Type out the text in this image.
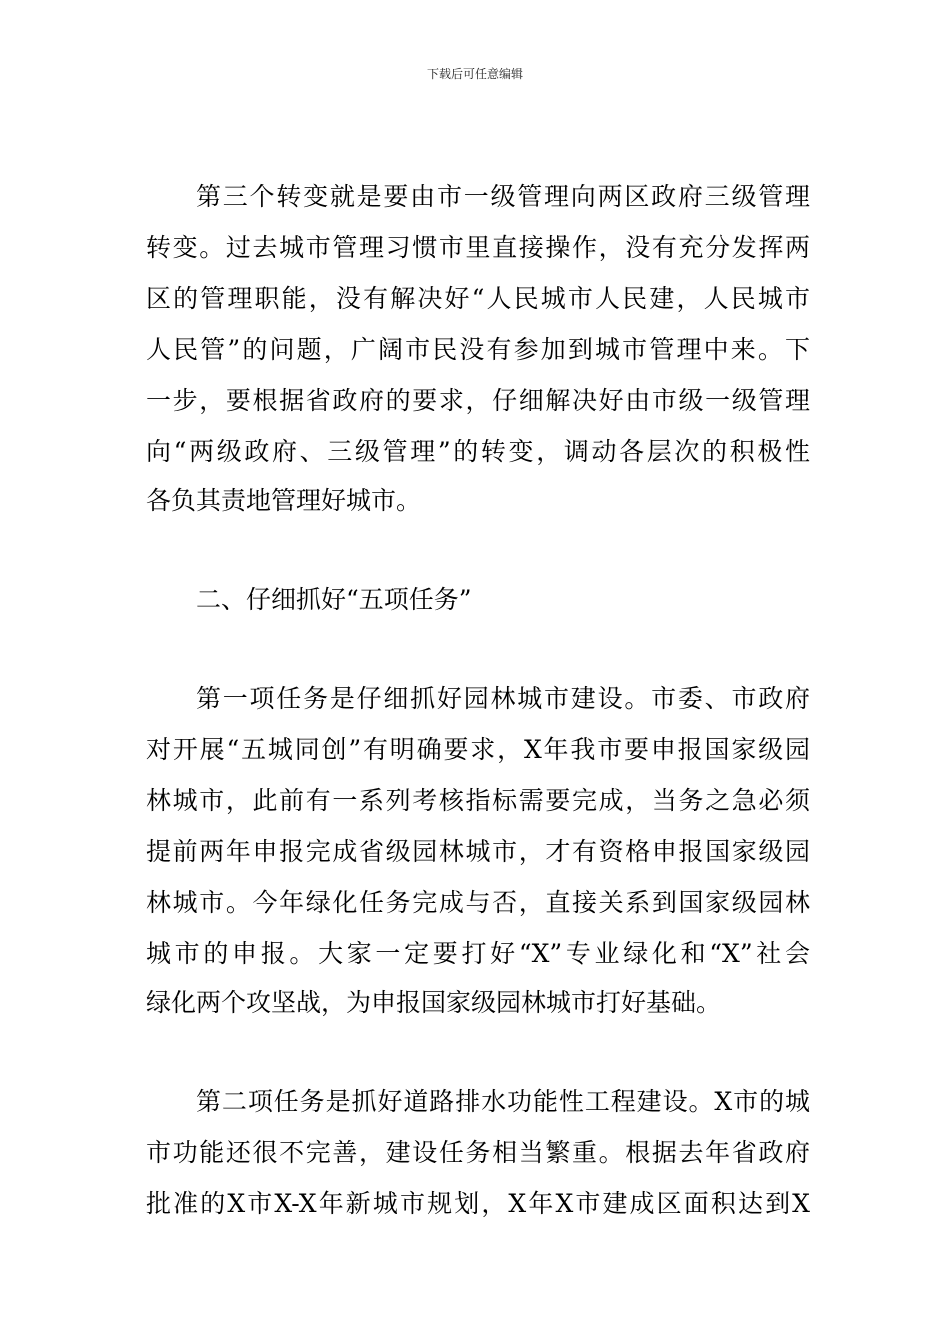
下载后可任意编辑
第三个转变就是要由市一级管理向两区政府三级管理
转变。过去城市管理习惯市里直接操作，没有充分发挥两
区的管理职能，没有解决好“人民城市人民建，人民城市
人民管”的问题，广阔市民没有参加到城市管理中来。下
一步，要根据省政府的要求，仔细解决好由市级一级管理
向“两级政府、三级管理”的转变，调动各层次的积极性
各负其责地管理好城市。
二、仔细抓好“五项任务”
第一项任务是仔细抓好园林城市建设。市委、市政府
对开展“五城同创”有明确要求，X年我市要申报国家级园
林城市，此前有一系列考核指标需要完成，当务之急必须
提前两年申报完成省级园林城市，才有资格申报国家级园
林城市。今年绿化任务完成与否，直接关系到国家级园林
城市的申报。大家一定要打好“X”专业绿化和“X”社会
绿化两个攻坚战，为申报国家级园林城市打好基础。
第二项任务是抓好道路排水功能性工程建设。X市的城
市功能还很不完善，建设任务相当繁重。根据去年省政府
批准的X市X-X年新城市规划，X年X市建成区面积达到X
